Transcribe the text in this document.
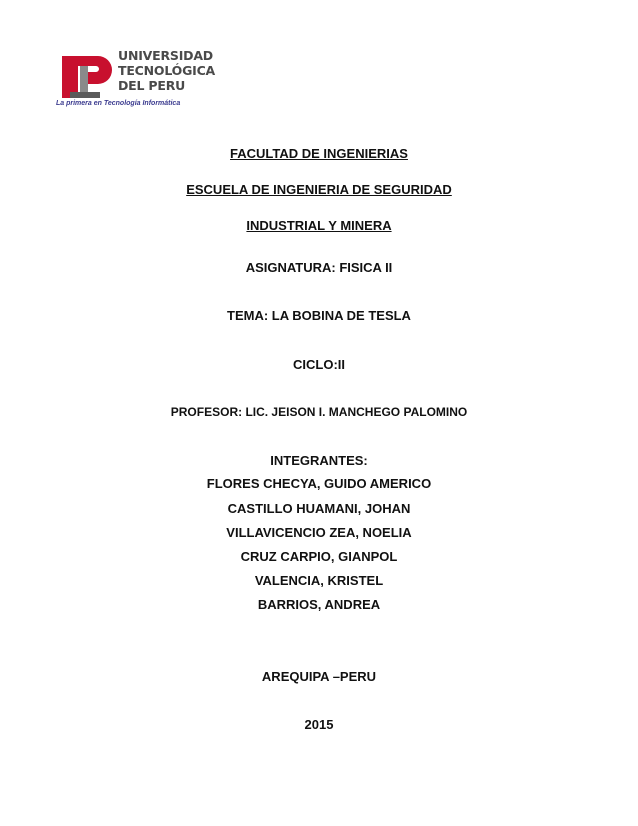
UNIVERSIDAD
TECNOLÓGICA
DEL PERU
La primera en Tecnología Informática
FACULTAD DE INGENIERIAS
ESCUELA DE INGENIERIA DE SEGURIDAD
INDUSTRIAL Y MINERA
ASIGNATURA: FISICA II
TEMA: LA BOBINA DE TESLA
CICLO:II
PROFESOR: LIC. JEISON I. MANCHEGO PALOMINO
INTEGRANTES:
FLORES CHECYA, GUIDO AMERICO
CASTILLO HUAMANI, JOHAN
VILLAVICENCIO ZEA, NOELIA
CRUZ CARPIO, GIANPOL
VALENCIA, KRISTEL
BARRIOS, ANDREA
AREQUIPA –PERU
2015
